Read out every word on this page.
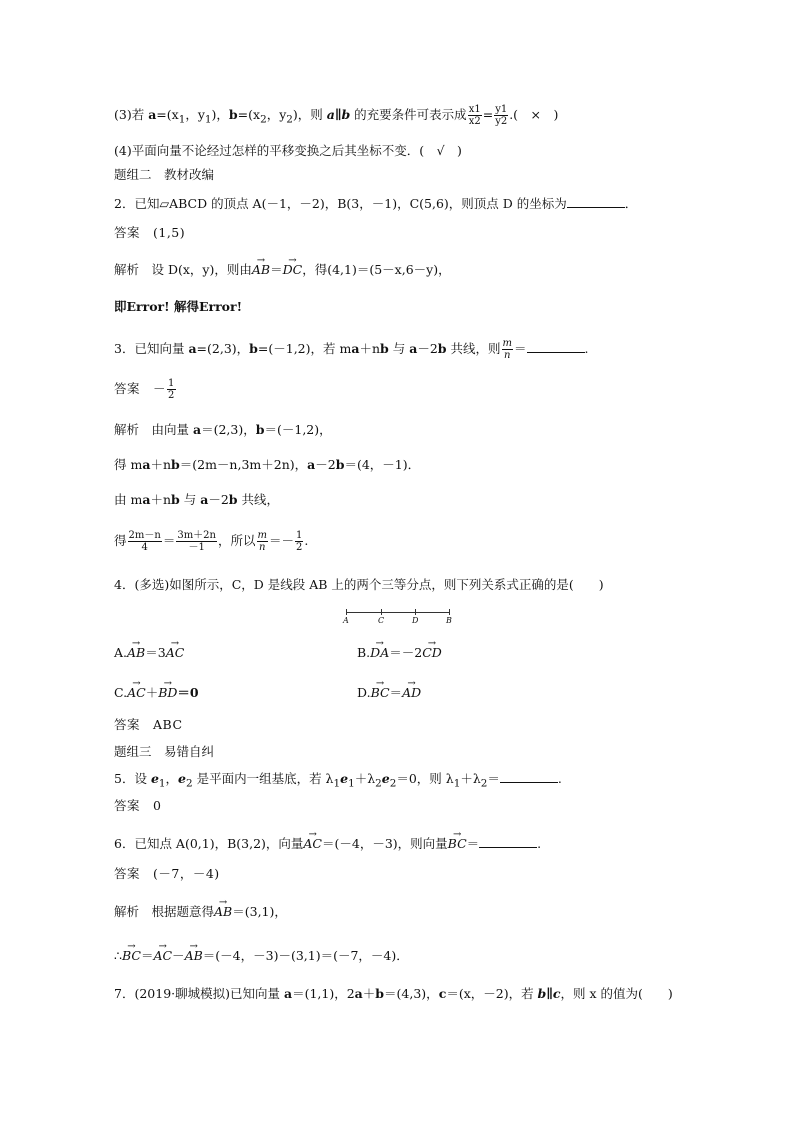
(3)若 $a=(x_1$，$y_1$)，$b=(x_2$，$y_2$)，则 a∥b 的充要条件可表示成 $\frac{x1}{x2} = \frac{y1}{y2}$ .(　×　)
(4)平面向量不论经过怎样的平移变换之后其坐标不变．(　√　)
题组二　教材改编
2．已知▱ABCD 的顶点 A(－1，－2)，B(3，－1)，C(5,6)，则顶点 D 的坐标为	．
答案　(1,5)
解析　设 D(x，y)，则由→ AB＝→ DC，得(4,1)＝(5－x,6－y)，
即Error! 解得Error!
3．已知向量 a=(2,3)，b=(－1,2)，若 ma＋nb 与 a－2b 共线，则 $\frac{m}{n}$ ＝	.
答案　－ $\frac{1}{2}$
解析　由向量 a＝(2,3)，b＝(－1,2)，
得 ma＋nb＝(2m－n,3m＋2n)，a－2b＝(4，－1)．
由 ma＋nb 与 a－2b 共线，
得 $\frac{2m-n}{4} = \frac{3m+2n}{-1}$ ，所以 $\frac{m}{n} =- \frac{1}{2}$ .
4．(多选)如图所示，C，D 是线段 AB 上的两个三等分点，则下列关系式正确的是(　　)
A	C	D	B
A.→ AB＝3→ AC	B.→ DA＝－2→ CD
C.→ AC＋→ BD＝0	D.→ BC＝→ AD
答案　ABC
题组三　易错自纠
5．设 $e_1$，$e_2$ 是平面内一组基底，若 $\lambda_1e_1+\lambda_2e_2=0$，则 $\lambda_1+\lambda_2=$	.
答案　0
6．已知点 A(0,1)，B(3,2)，向量→ AC＝(－4，－3)，则向量→ BC＝	.
答案　(－7，－4)
解析　根据题意得→ AB＝(3,1)，
∴→ BC＝→ AC－→ AB＝(－4，－3)－(3,1)＝(－7，－4)．
7．(2019·聊城模拟)已知向量 a＝(1,1)，2a＋b＝(4,3)，c＝(x，－2)，若 b∥c，则 x 的值为(　　)
